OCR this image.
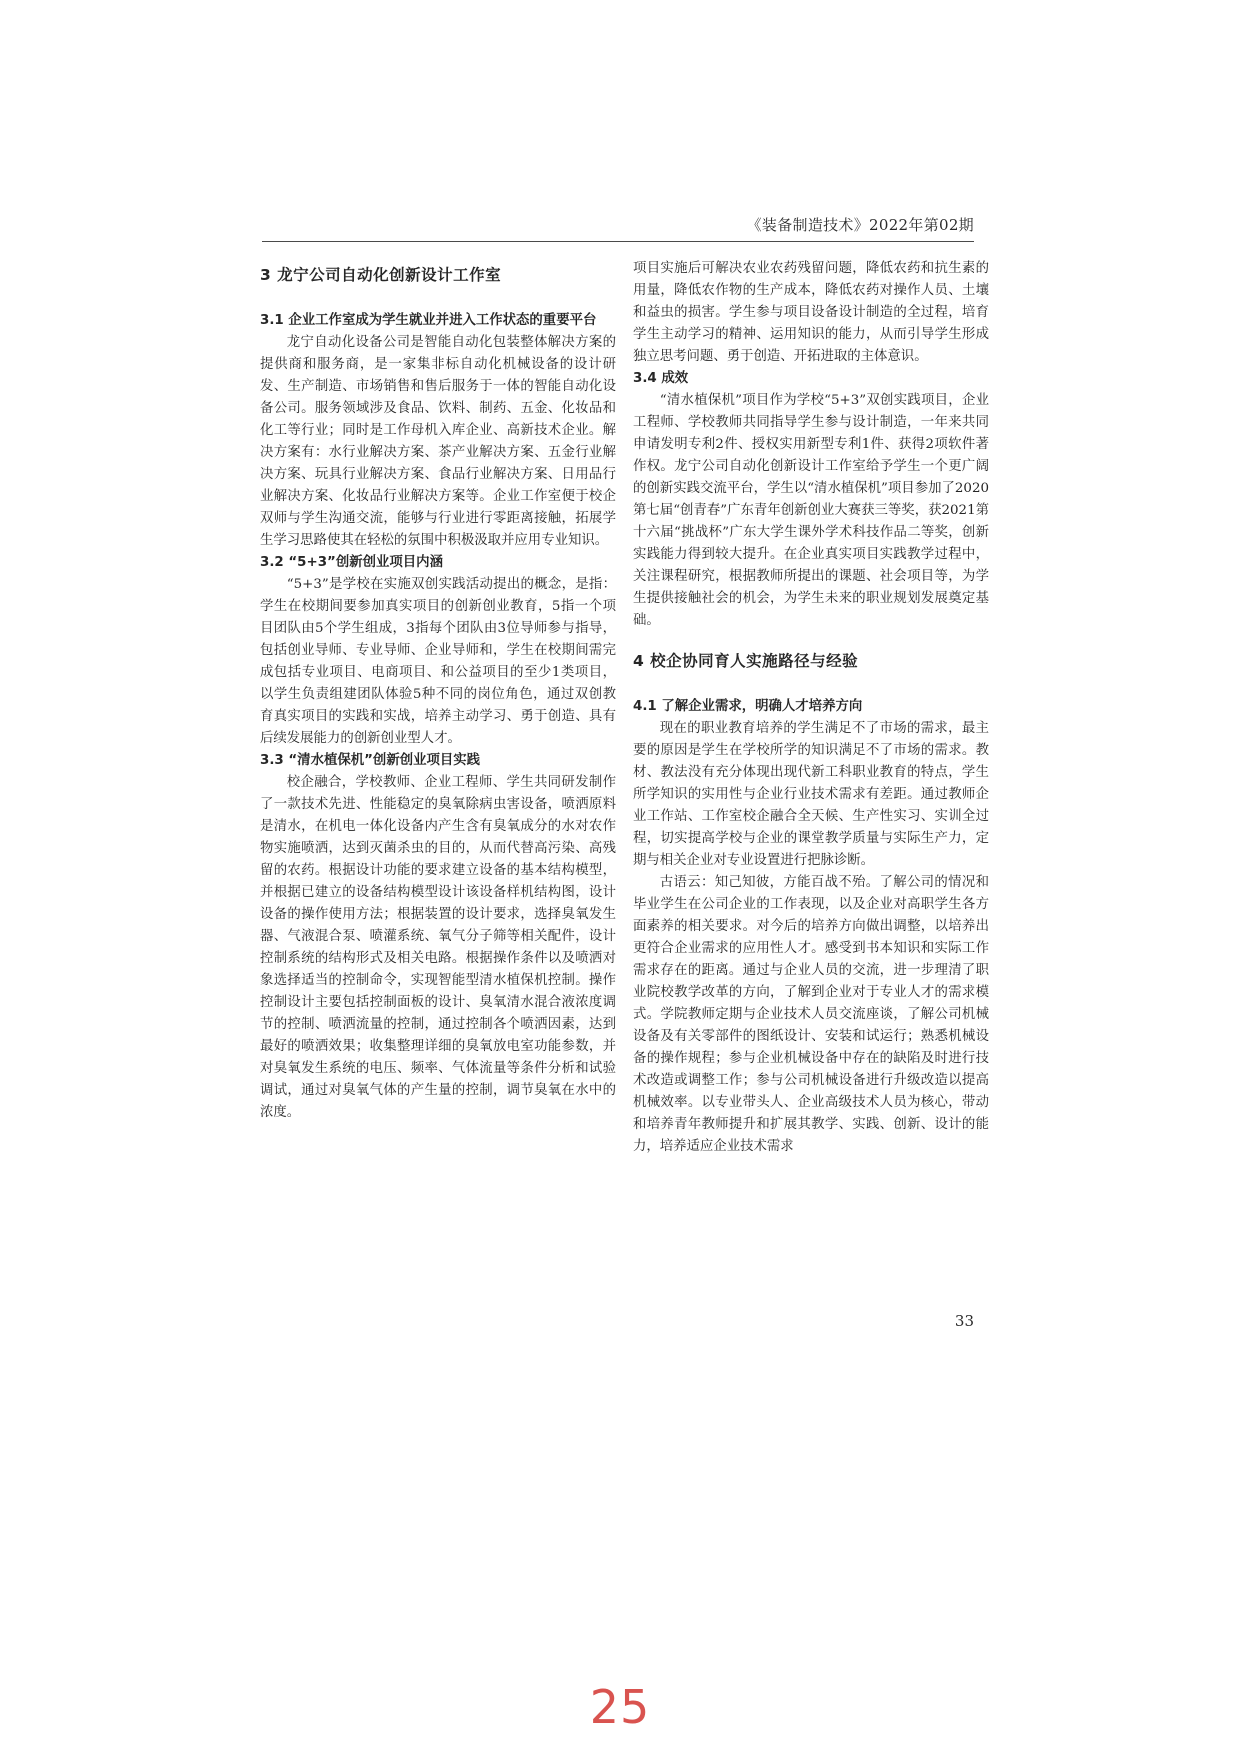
《装备制造技术》2022年第02期
3 龙宁公司自动化创新设计工作室
3.1 企业工作室成为学生就业并进入工作状态的重要平台

龙宁自动化设备公司是智能自动化包装整体解决方案的提供商和服务商，是一家集非标自动化机械设备的设计研发、生产制造、市场销售和售后服务于一体的智能自动化设备公司。服务领域涉及食品、饮料、制药、五金、化妆品和化工等行业；同时是工作母机入库企业、高新技术企业。解决方案有：水行业解决方案、茶产业解决方案、五金行业解决方案、玩具行业解决方案、食品行业解决方案、日用品行业解决方案、化妆品行业解决方案等。企业工作室便于校企双师与学生沟通交流，能够与行业进行零距离接触，拓展学生学习思路使其在轻松的氛围中积极汲取并应用专业知识。

3.2 “5+3”创新创业项目内涵

“5+3”是学校在实施双创实践活动提出的概念，是指：学生在校期间要参加真实项目的创新创业教育，5指一个项目团队由5个学生组成，3指每个团队由3位导师参与指导，包括创业导师、专业导师、企业导师和，学生在校期间需完成包括专业项目、电商项目、和公益项目的至少1类项目，以学生负责组建团队体验5种不同的岗位角色，通过双创教育真实项目的实践和实战，培养主动学习、勇于创造、具有后续发展能力的创新创业型人才。

3.3 “清水植保机”创新创业项目实践

校企融合，学校教师、企业工程师、学生共同研发制作了一款技术先进、性能稳定的臭氧除病虫害设备，喷洒原料是清水，在机电一体化设备内产生含有臭氧成分的水对农作物实施喷洒，达到灭菌杀虫的目的，从而代替高污染、高残留的农药。根据设计功能的要求建立设备的基本结构模型，并根据已建立的设备结构模型设计该设备样机结构图，设计设备的操作使用方法；根据装置的设计要求，选择臭氧发生器、气液混合泵、喷灌系统、氧气分子筛等相关配件，设计控制系统的结构形式及相关电路。根据操作条件以及喷洒对象选择适当的控制命令，实现智能型清水植保机控制。操作控制设计主要包括控制面板的设计、臭氧清水混合液浓度调节的控制、喷洒流量的控制，通过控制各个喷洒因素，达到最好的喷洒效果；收集整理详细的臭氧放电室功能参数，并对臭氧发生系统的电压、频率、气体流量等条件分析和试验调试，通过对臭氧气体的产生量的控制，调节臭氧在水中的浓度。

项目实施后可解决农业农药残留问题，降低农药和抗生素的用量，降低农作物的生产成本，降低农药对操作人员、土壤和益虫的损害。学生参与项目设备设计制造的全过程，培育学生主动学习的精神、运用知识的能力，从而引导学生形成独立思考问题、勇于创造、开拓进取的主体意识。

3.4 成效

“清水植保机”项目作为学校“5+3”双创实践项目，企业工程师、学校教师共同指导学生参与设计制造，一年来共同申请发明专利2件、授权实用新型专利1件、获得2项软件著作权。龙宁公司自动化创新设计工作室给予学生一个更广阔的创新实践交流平台，学生以“清水植保机”项目参加了2020第七届“创青春”广东青年创新创业大赛获三等奖，获2021第十六届“挑战杯”广东大学生课外学术科技作品二等奖，创新实践能力得到较大提升。在企业真实项目实践教学过程中，关注课程研究，根据教师所提出的课题、社会项目等，为学生提供接触社会的机会，为学生未来的职业规划发展奠定基础。

4 校企协同育人实施路径与经验
4.1 了解企业需求，明确人才培养方向

现在的职业教育培养的学生满足不了市场的需求，最主要的原因是学生在学校所学的知识满足不了市场的需求。教材、教法没有充分体现出现代新工科职业教育的特点，学生所学知识的实用性与企业行业技术需求有差距。通过教师企业工作站、工作室校企融合全天候、生产性实习、实训全过程，切实提高学校与企业的课堂教学质量与实际生产力，定期与相关企业对专业设置进行把脉诊断。

古语云：知己知彼，方能百战不殆。了解公司的情况和毕业学生在公司企业的工作表现，以及企业对高职学生各方面素养的相关要求。对今后的培养方向做出调整，以培养出更符合企业需求的应用性人才。感受到书本知识和实际工作需求存在的距离。通过与企业人员的交流，进一步理清了职业院校教学改革的方向，了解到企业对于专业人才的需求模式。学院教师定期与企业技术人员交流座谈，了解公司机械设备及有关零部件的图纸设计、安装和试运行；熟悉机械设备的操作规程；参与企业机械设备中存在的缺陷及时进行技术改造或调整工作；参与公司机械设备进行升级改造以提高机械效率。以专业带头人、企业高级技术人员为核心，带动和培养青年教师提升和扩展其教学、实践、创新、设计的能力，培养适应企业技术需求

33
25
